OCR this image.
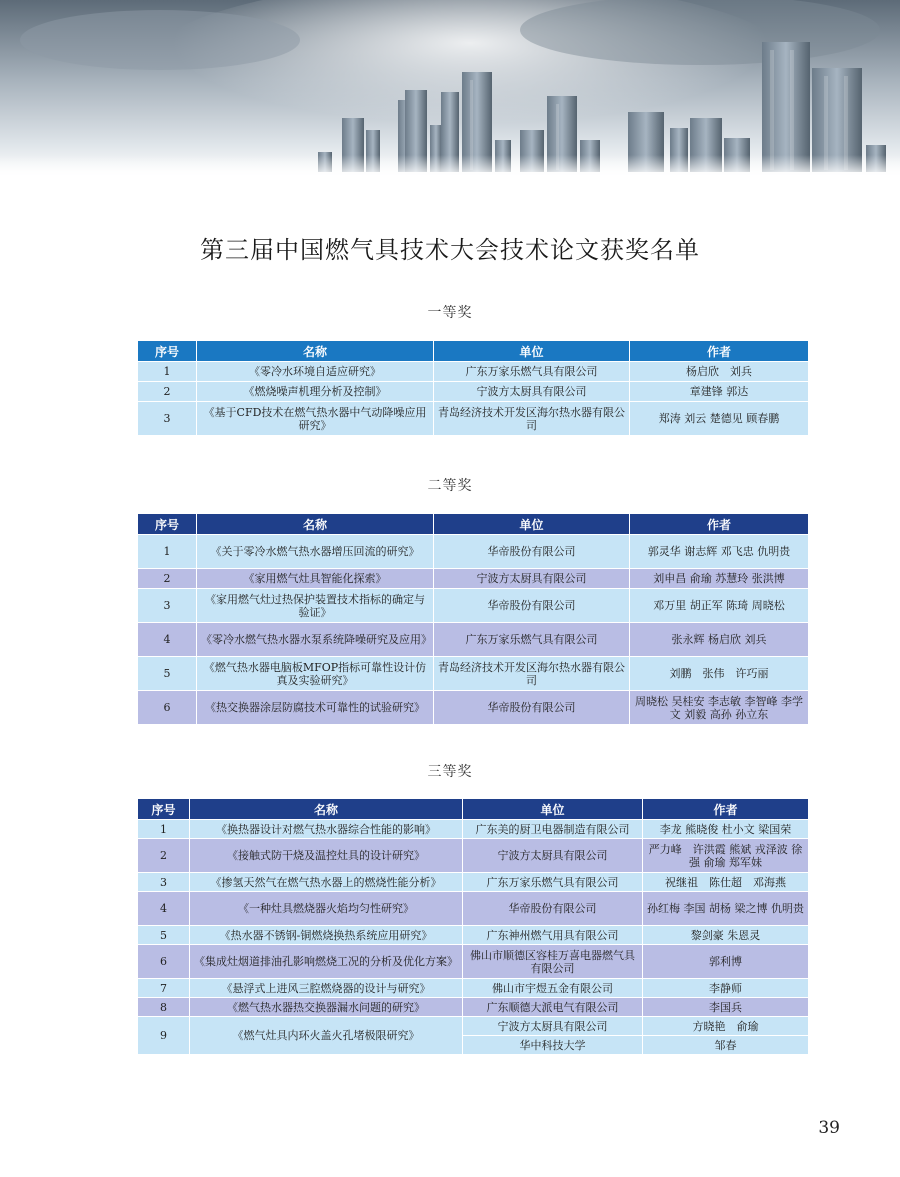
第三届中国燃气具技术大会技术论文获奖名单
一等奖
序号	名称	单位	作者
1	《零冷水环境自适应研究》	广东万家乐燃气具有限公司	杨启欣　刘兵
2	《燃烧噪声机理分析及控制》	宁波方太厨具有限公司	章建锋 郭达
3	《基于CFD技术在燃气热水器中气动降噪应用研究》	青岛经济技术开发区海尔热水器有限公司	郑涛 刘云 楚德见 顾春鹏
二等奖
序号	名称	单位	作者
1	《关于零冷水燃气热水器增压回流的研究》	华帝股份有限公司	郭灵华 谢志辉 邓飞忠 仇明贵
2	《家用燃气灶具智能化探索》	宁波方太厨具有限公司	刘申昌 俞瑜 苏慧玲 张洪博
3	《家用燃气灶过热保护装置技术指标的确定与验证》	华帝股份有限公司	邓万里 胡正军 陈琦 周晓松
4	《零冷水燃气热水器水泵系统降噪研究及应用》	广东万家乐燃气具有限公司	张永辉 杨启欣 刘兵
5	《燃气热水器电脑板MFOP指标可靠性设计仿真及实验研究》	青岛经济技术开发区海尔热水器有限公司	刘鹏　张伟　许巧丽
6	《热交换器涂层防腐技术可靠性的试验研究》	华帝股份有限公司	周晓松 吴桂安 李志敏 李智峰 李学文 刘毅 高孙 孙立东
三等奖
序号	名称	单位	作者
1	《换热器设计对燃气热水器综合性能的影响》	广东美的厨卫电器制造有限公司	李龙 熊晓俊 杜小文 梁国荣
2	《接触式防干烧及温控灶具的设计研究》	宁波方太厨具有限公司	严力峰　许洪霞 熊斌 戎泽波 徐强 俞瑜 郑军妹
3	《掺氢天然气在燃气热水器上的燃烧性能分析》	广东万家乐燃气具有限公司	祝继祖　陈仕超　邓海燕
4	《一种灶具燃烧器火焰均匀性研究》	华帝股份有限公司	孙红梅 李国 胡杨 梁之博 仇明贵
5	《热水器不锈钢-铜燃烧换热系统应用研究》	广东神州燃气用具有限公司	黎剑豪 朱恩灵
6	《集成灶烟道排油孔影响燃烧工况的分析及优化方案》	佛山市顺德区容桂万喜电器燃气具有限公司	郭利博
7	《悬浮式上进风三腔燃烧器的设计与研究》	佛山市宇煜五金有限公司	李静师
8	《燃气热水器热交换器漏水问题的研究》	广东顺德大派电气有限公司	李国兵
9	《燃气灶具内环火盖火孔堵极限研究》	宁波方太厨具有限公司	方晓艳　俞瑜
		华中科技大学	邹春
39
